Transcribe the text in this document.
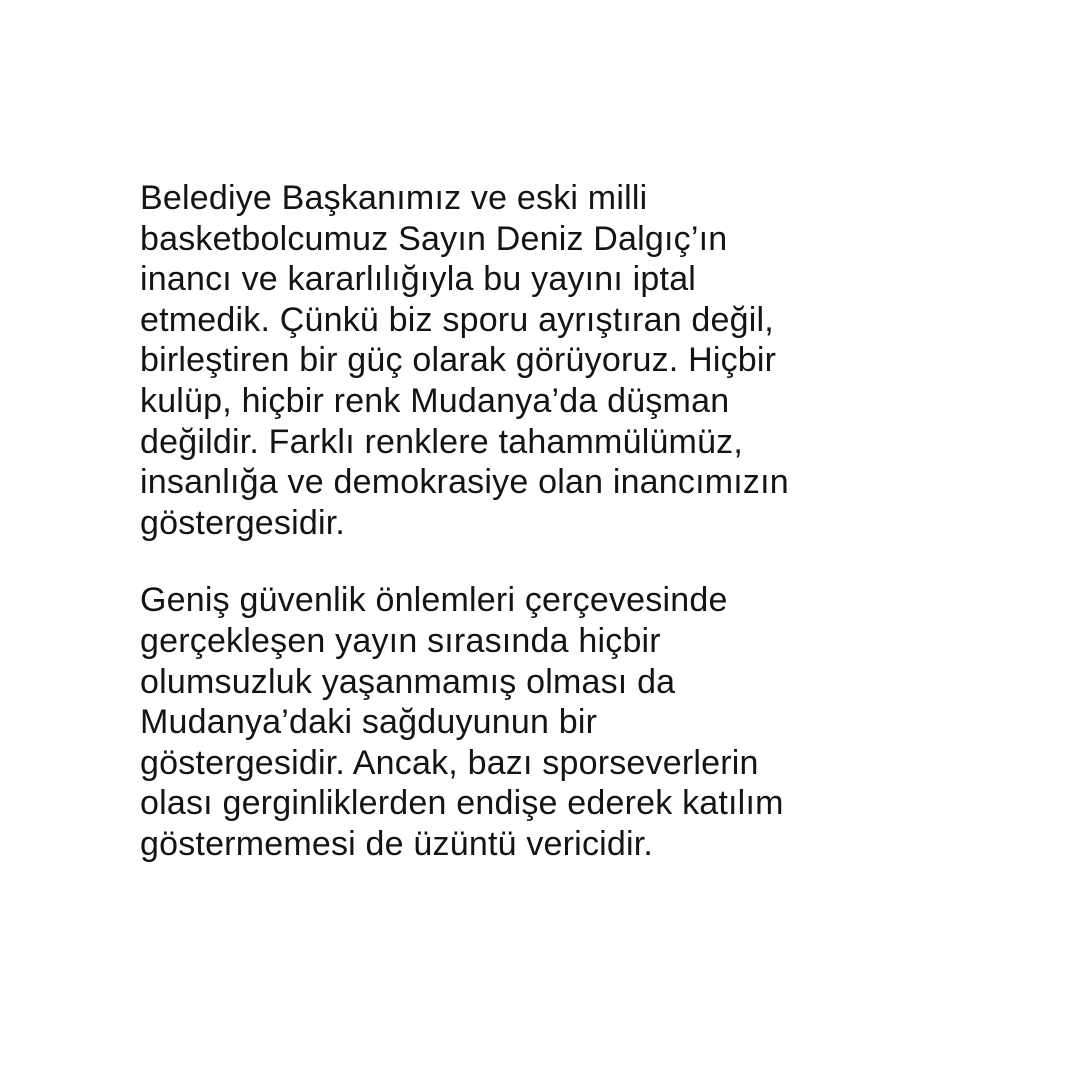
Belediye Başkanımız ve eski milli
basketbolcumuz Sayın Deniz Dalgıç’ın
inancı ve kararlılığıyla bu yayını iptal
etmedik. Çünkü biz sporu ayrıştıran değil,
birleştiren bir güç olarak görüyoruz. Hiçbir
kulüp, hiçbir renk Mudanya’da düşman
değildir. Farklı renklere tahammülümüz,
insanlığa ve demokrasiye olan inancımızın
göstergesidir.

Geniş güvenlik önlemleri çerçevesinde
gerçekleşen yayın sırasında hiçbir
olumsuzluk yaşanmamış olması da
Mudanya’daki sağduyunun bir
göstergesidir. Ancak, bazı sporseverlerin
olası gerginliklerden endişe ederek katılım
göstermemesi de üzüntü vericidir.
